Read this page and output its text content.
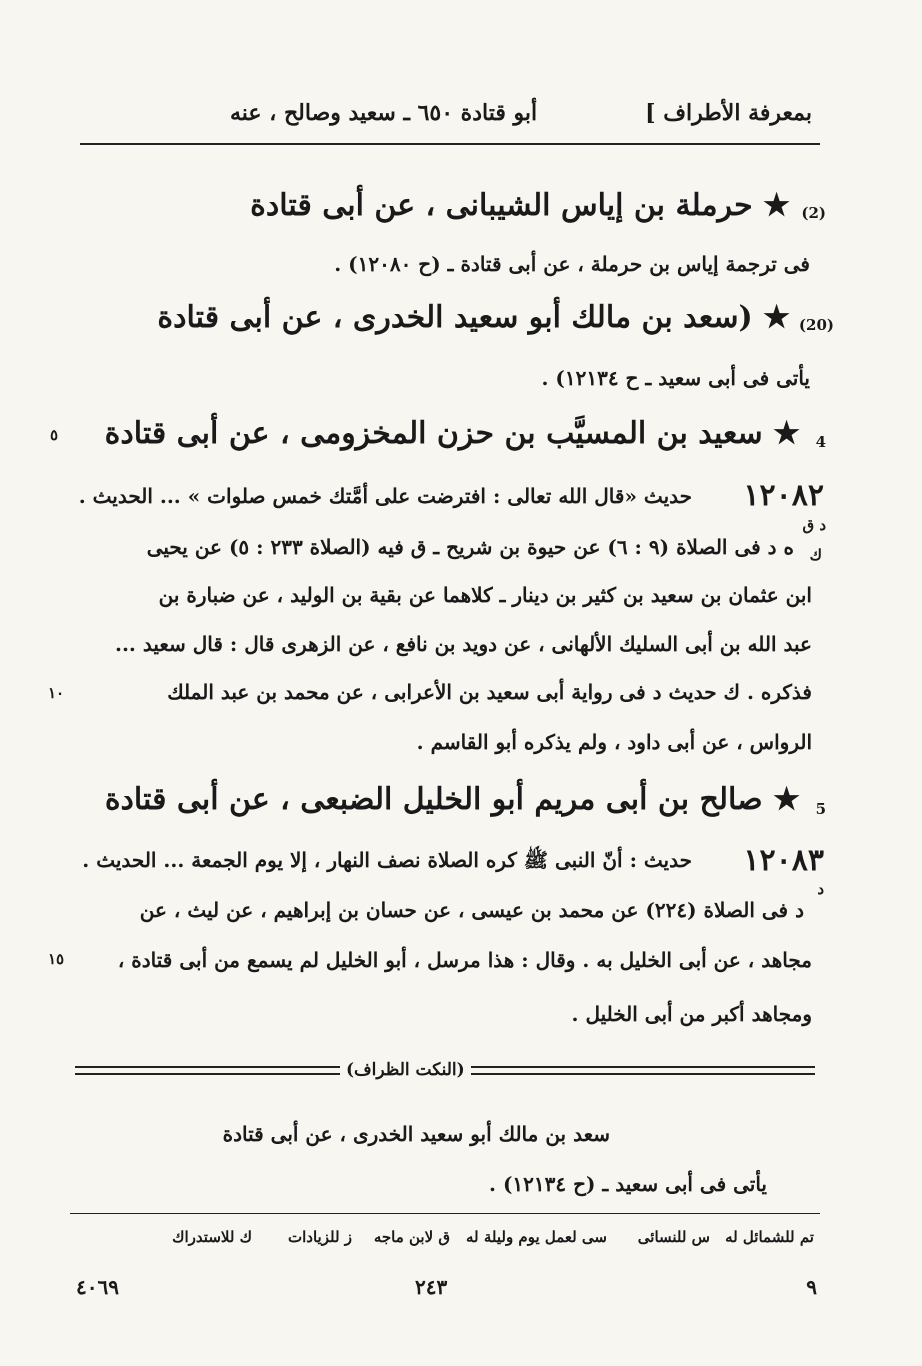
بمعرفة الأطراف ]
أبو قتادة ٦٥٠ ـ سعيد وصالح ، عنه
(2)
★ حرملة بن إياس الشيبانى ، عن أبى قتادة
فى ترجمة إياس بن حرملة ، عن أبى قتادة ـ (ح ١٢٠٨٠) .
(20)
★ (سعد بن مالك أبو سعيد الخدرى ، عن أبى قتادة
يأتى فى أبى سعيد ـ ح ١٢١٣٤) .
4
★ سعيد بن المسيَّب بن حزن المخزومى ، عن أبى قتادة
٥
١٢٠٨٢
حديث «قال الله تعالى : افترضت على أمَّتك خمس صلوات » ... الحديث .
د ق
ك
ه د فى الصلاة (٩ : ٦) عن حيوة بن شريح ـ ق فيه (الصلاة ٢٣٣ : ٥) عن يحيى
ابن عثمان بن سعيد بن كثير بن دينار ـ كلاهما عن بقية بن الوليد ، عن ضبارة بن
عبد الله بن أبى السليك الألهانى ، عن دويد بن نافع ، عن الزهرى قال : قال سعيد ...
فذكره . ك حديث د فى رواية أبى سعيد بن الأعرابى ، عن محمد بن عبد الملك
١٠
الرواس ، عن أبى داود ، ولم يذكره أبو القاسم .
5
★ صالح بن أبى مريم أبو الخليل الضبعى ، عن أبى قتادة
١٢٠٨٣
حديث : أنّ النبى ﷺ كره الصلاة نصف النهار ، إلا يوم الجمعة ... الحديث .
د
د فى الصلاة (٢٢٤) عن محمد بن عيسى ، عن حسان بن إبراهيم ، عن ليث ، عن
مجاهد ، عن أبى الخليل به . وقال : هذا مرسل ، أبو الخليل لم يسمع من أبى قتادة ،
١٥
ومجاهد أكبر من أبى الخليل .
(النكت الظراف)
سعد بن مالك أبو سعيد الخدرى ، عن أبى قتادة
يأتى فى أبى سعيد ـ (ح ١٢١٣٤) .
تم للشمائل له
س للنسائى
سى لعمل يوم وليلة له
ق لابن ماجه
ز للزيادات
ك للاستدراك
٩
٢٤٣
٤٠٦٩
